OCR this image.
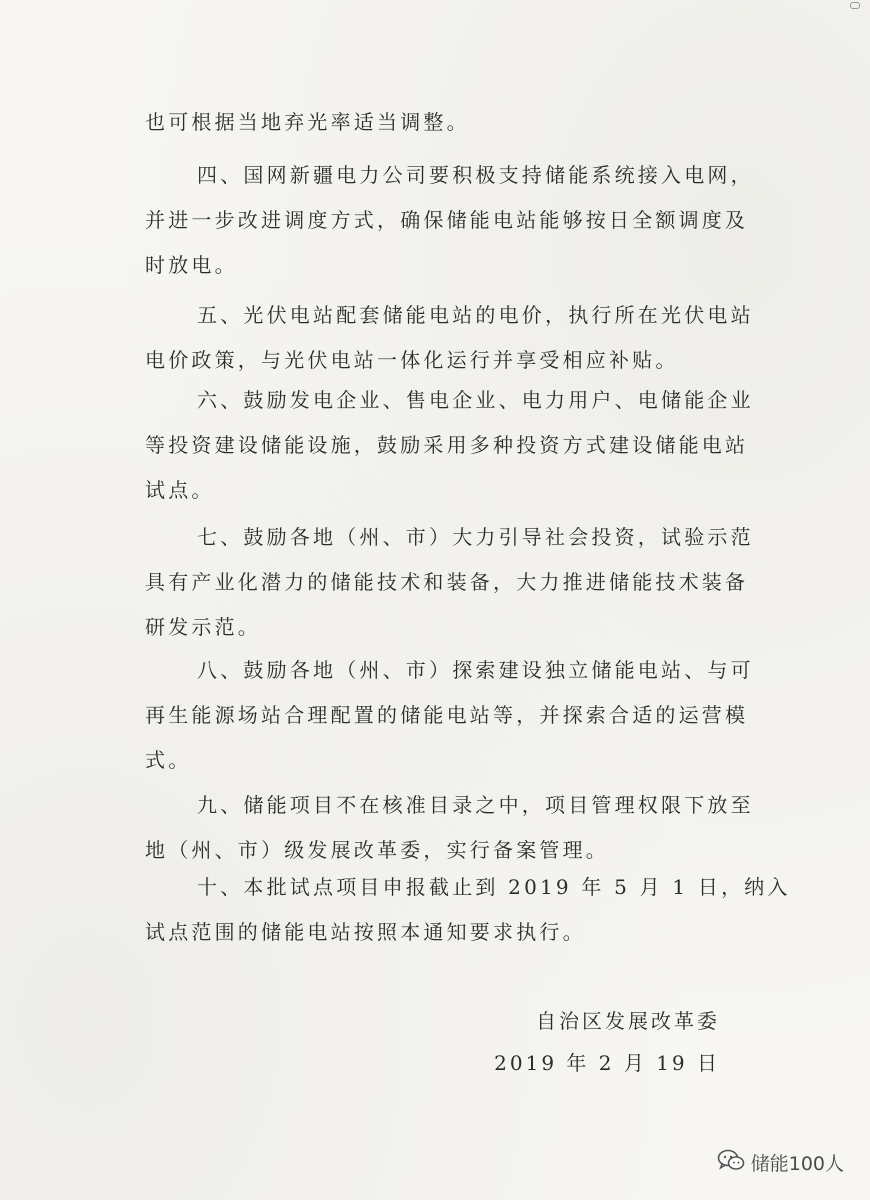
也可根据当地弃光率适当调整。

四、国网新疆电力公司要积极支持储能系统接入电网，
并进一步改进调度方式，确保储能电站能够按日全额调度及
时放电。

五、光伏电站配套储能电站的电价，执行所在光伏电站
电价政策，与光伏电站一体化运行并享受相应补贴。

六、鼓励发电企业、售电企业、电力用户、电储能企业
等投资建设储能设施，鼓励采用多种投资方式建设储能电站
试点。

七、鼓励各地（州、市）大力引导社会投资，试验示范
具有产业化潜力的储能技术和装备，大力推进储能技术装备
研发示范。

八、鼓励各地（州、市）探索建设独立储能电站、与可
再生能源场站合理配置的储能电站等，并探索合适的运营模
式。

九、储能项目不在核准目录之中，项目管理权限下放至
地（州、市）级发展改革委，实行备案管理。

十、本批试点项目申报截止到 2019 年 5 月 1 日，纳入
试点范围的储能电站按照本通知要求执行。

自治区发展改革委
2019 年 2 月 19 日
储能100人
